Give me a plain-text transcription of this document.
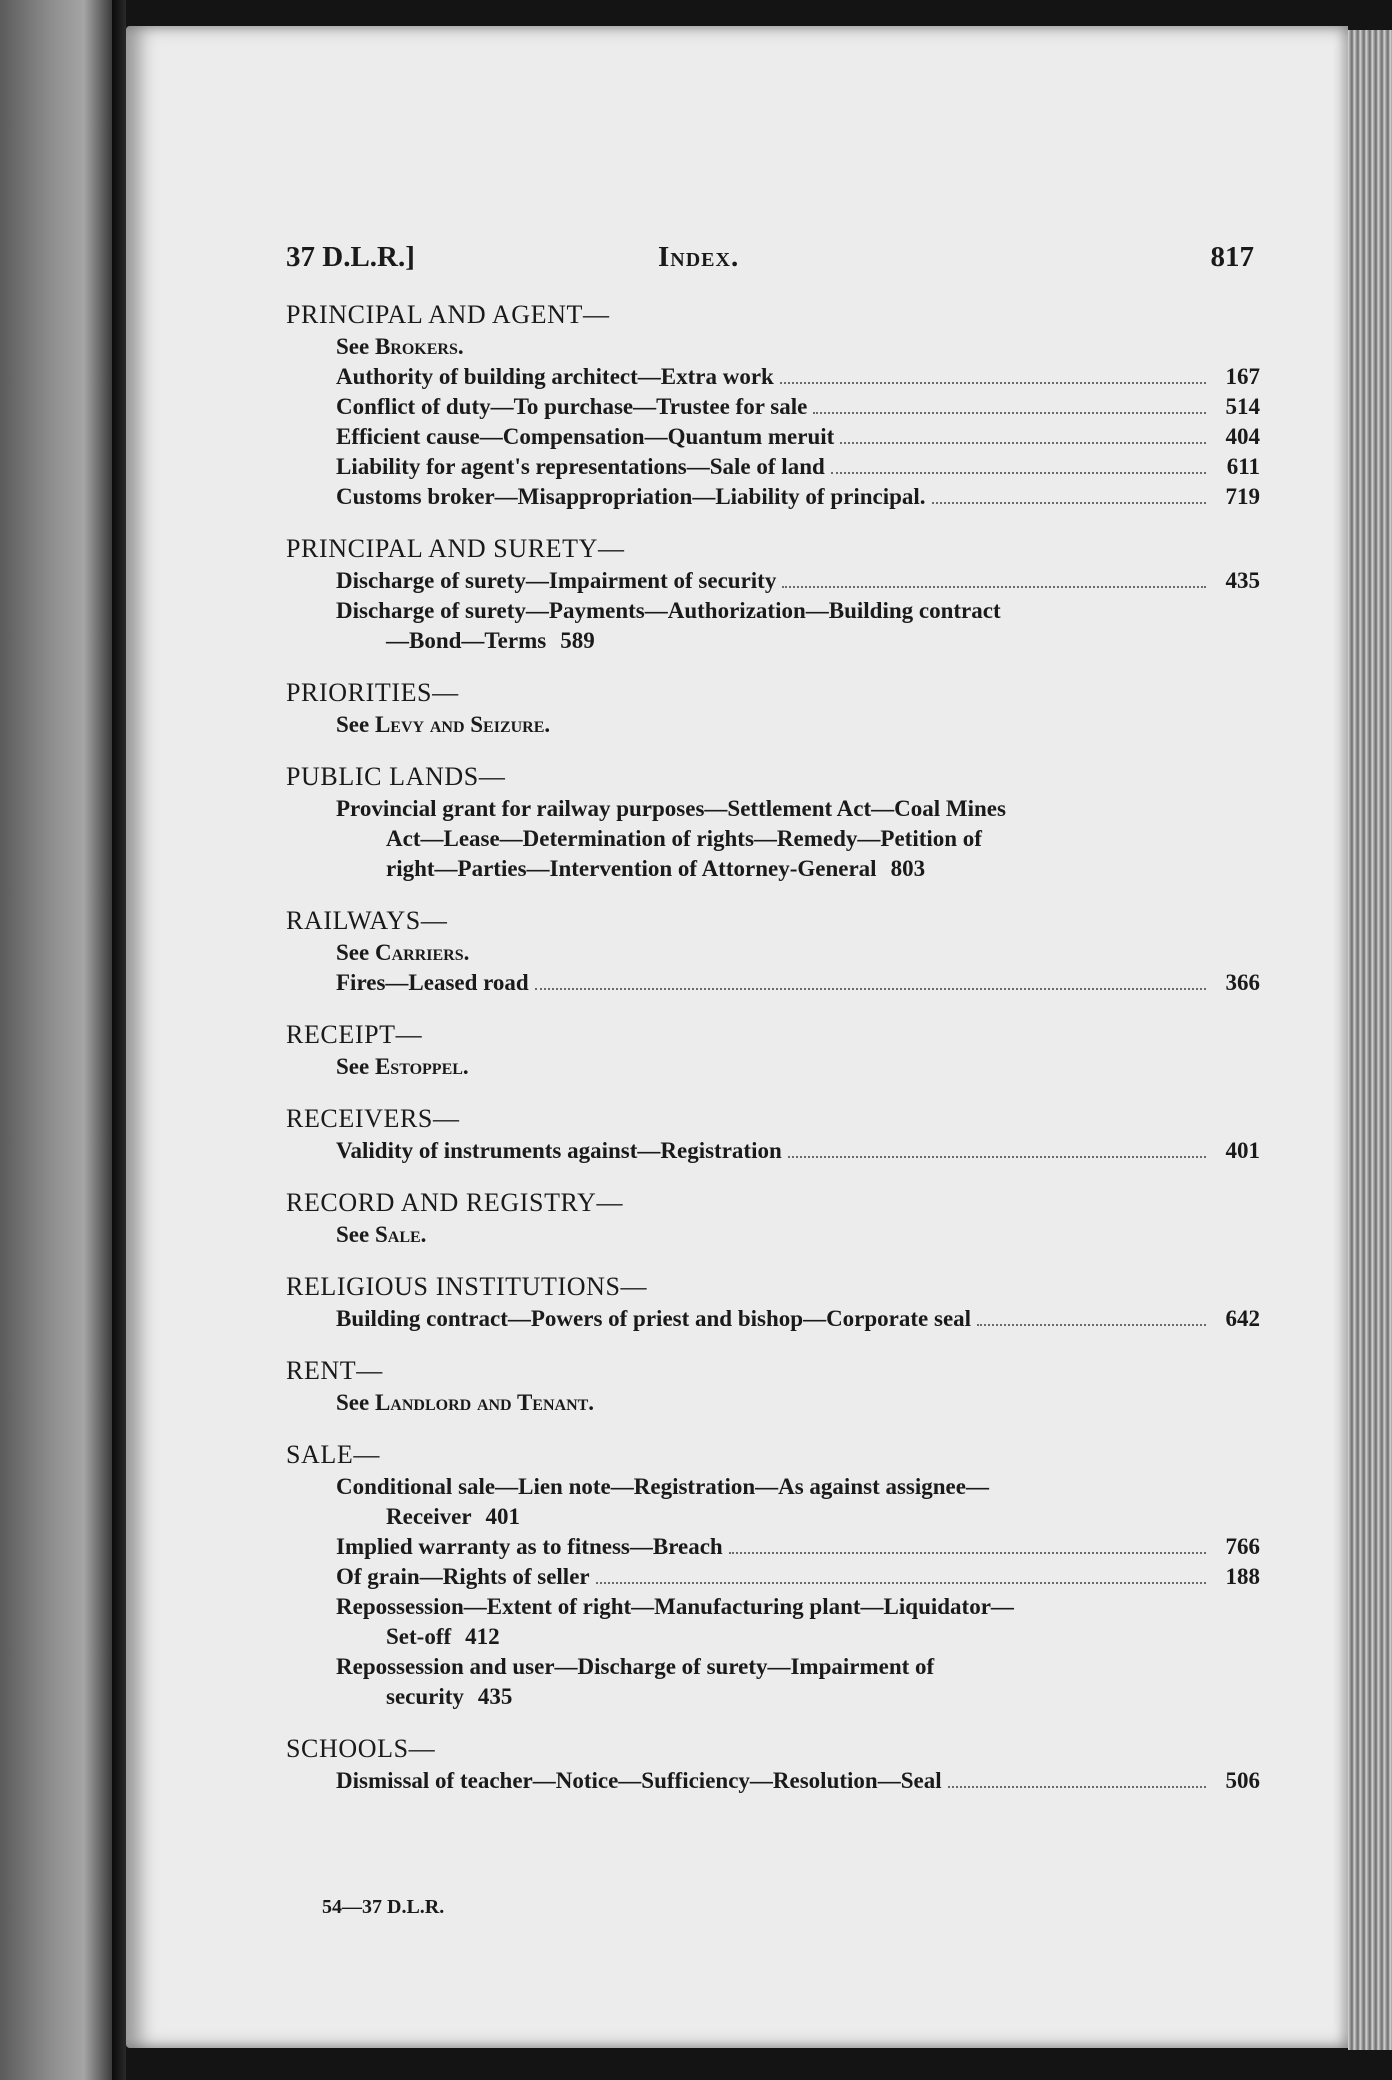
37 D.L.R.]	Index.	817
PRINCIPAL AND AGENT—
See Brokers.
Authority of building architect—Extra work	167
Conflict of duty—To purchase—Trustee for sale	514
Efficient cause—Compensation—Quantum meruit	404
Liability for agent's representations—Sale of land	611
Customs broker—Misappropriation—Liability of principal.	719
PRINCIPAL AND SURETY—
Discharge of surety—Impairment of security	435
Discharge of surety—Payments—Authorization—Building contract
—Bond—Terms 589
PRIORITIES—
See Levy and Seizure.
PUBLIC LANDS—
Provincial grant for railway purposes—Settlement Act—Coal Mines
Act—Lease—Determination of rights—Remedy—Petition of
right—Parties—Intervention of Attorney-General 803
RAILWAYS—
See Carriers.
Fires—Leased road	366
RECEIPT—
See Estoppel.
RECEIVERS—
Validity of instruments against—Registration	401
RECORD AND REGISTRY—
See Sale.
RELIGIOUS INSTITUTIONS—
Building contract—Powers of priest and bishop—Corporate seal	642
RENT—
See Landlord and Tenant.
SALE—
Conditional sale—Lien note—Registration—As against assignee—
Receiver 401
Implied warranty as to fitness—Breach	766
Of grain—Rights of seller	188
Repossession—Extent of right—Manufacturing plant—Liquidator—
Set-off 412
Repossession and user—Discharge of surety—Impairment of
security 435
SCHOOLS—
Dismissal of teacher—Notice—Sufficiency—Resolution—Seal	506
54—37 D.L.R.
